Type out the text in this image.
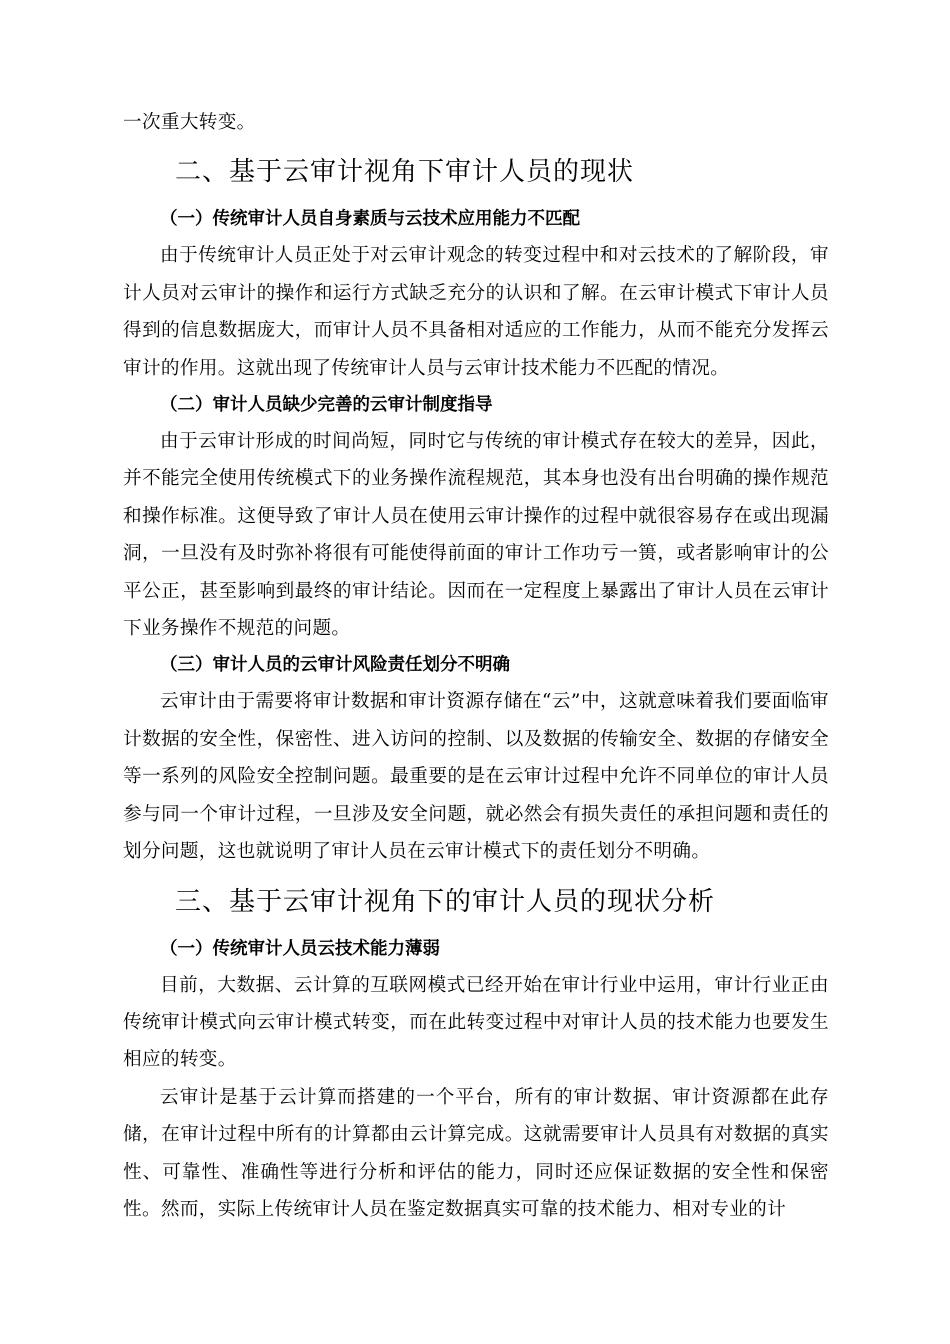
一次重大转变。

二、基于云审计视角下审计人员的现状
（一）传统审计人员自身素质与云技术应用能力不匹配

由于传统审计人员正处于对云审计观念的转变过程中和对云技术的了解阶段，审计人员对云审计的操作和运行方式缺乏充分的认识和了解。在云审计模式下审计人员得到的信息数据庞大，而审计人员不具备相对适应的工作能力，从而不能充分发挥云审计的作用。这就出现了传统审计人员与云审计技术能力不匹配的情况。

（二）审计人员缺少完善的云审计制度指导

由于云审计形成的时间尚短，同时它与传统的审计模式存在较大的差异，因此，并不能完全使用传统模式下的业务操作流程规范，其本身也没有出台明确的操作规范和操作标准。这便导致了审计人员在使用云审计操作的过程中就很容易存在或出现漏洞，一旦没有及时弥补将很有可能使得前面的审计工作功亏一篑，或者影响审计的公平公正，甚至影响到最终的审计结论。因而在一定程度上暴露出了审计人员在云审计下业务操作不规范的问题。

（三）审计人员的云审计风险责任划分不明确

云审计由于需要将审计数据和审计资源存储在“云”中，这就意味着我们要面临审计数据的安全性，保密性、进入访问的控制、以及数据的传输安全、数据的存储安全等一系列的风险安全控制问题。最重要的是在云审计过程中允许不同单位的审计人员参与同一个审计过程，一旦涉及安全问题，就必然会有损失责任的承担问题和责任的划分问题，这也就说明了审计人员在云审计模式下的责任划分不明确。

三、基于云审计视角下的审计人员的现状分析
（一）传统审计人员云技术能力薄弱

目前，大数据、云计算的互联网模式已经开始在审计行业中运用，审计行业正由传统审计模式向云审计模式转变，而在此转变过程中对审计人员的技术能力也要发生相应的转变。

云审计是基于云计算而搭建的一个平台，所有的审计数据、审计资源都在此存储，在审计过程中所有的计算都由云计算完成。这就需要审计人员具有对数据的真实性、可靠性、准确性等进行分析和评估的能力，同时还应保证数据的安全性和保密性。然而，实际上传统审计人员在鉴定数据真实可靠的技术能力、相对专业的计
